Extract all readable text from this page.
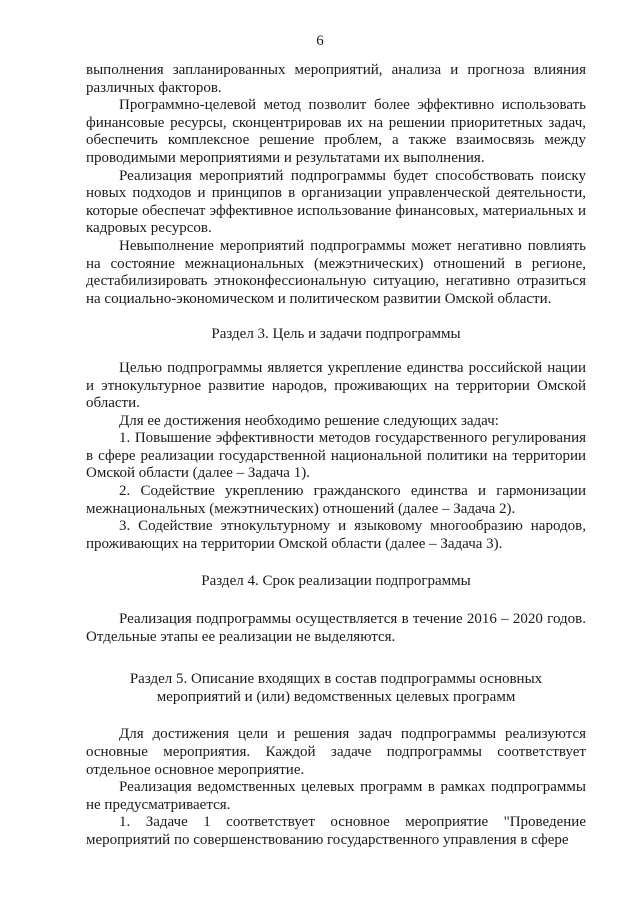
6

выполнения запланированных мероприятий, анализа и прогноза влияния различных факторов.

Программно-целевой метод позволит более эффективно использовать финансовые ресурсы, сконцентрировав их на решении приоритетных задач, обеспечить комплексное решение проблем, а также взаимосвязь между проводимыми мероприятиями и результатами их выполнения.

Реализация мероприятий подпрограммы будет способствовать поиску новых подходов и принципов в организации управленческой деятельности, которые обеспечат эффективное использование финансовых, материальных и кадровых ресурсов.

Невыполнение мероприятий подпрограммы может негативно повлиять на состояние межнациональных (межэтнических) отношений в регионе, дестабилизировать этноконфессиональную ситуацию, негативно отразиться на социально-экономическом и политическом развитии Омской области.

Раздел 3. Цель и задачи подпрограммы

Целью подпрограммы является укрепление единства российской нации и этнокультурное развитие народов, проживающих на территории Омской области.

Для ее достижения необходимо решение следующих задач:

1. Повышение эффективности методов государственного регулирования в сфере реализации государственной национальной политики на территории Омской области (далее – Задача 1).

2. Содействие укреплению гражданского единства и гармонизации межнациональных (межэтнических) отношений (далее – Задача 2).

3. Содействие этнокультурному и языковому многообразию народов, проживающих на территории Омской области (далее – Задача 3).

Раздел 4. Срок реализации подпрограммы

Реализация подпрограммы осуществляется в течение 2016 – 2020 годов. Отдельные этапы ее реализации не выделяются.

Раздел 5. Описание входящих в состав подпрограммы основных

мероприятий и (или) ведомственных целевых программ

Для достижения цели и решения задач подпрограммы реализуются основные мероприятия. Каждой задаче подпрограммы соответствует отдельное основное мероприятие.

Реализация ведомственных целевых программ в рамках подпрограммы не предусматривается.

1. Задаче 1 соответствует основное мероприятие "Проведение мероприятий по совершенствованию государственного управления в сфере
